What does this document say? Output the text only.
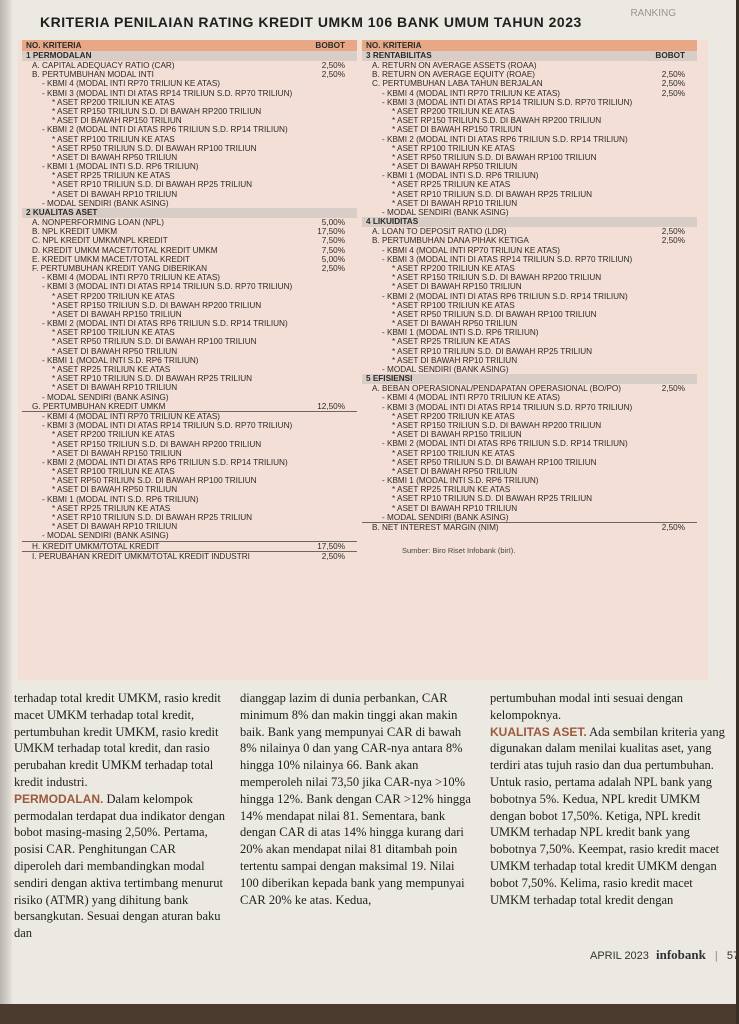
RANKING
KRITERIA PENILAIAN RATING KREDIT UMKM 106 BANK UMUM TAHUN 2023
NO. KRITERIA	BOBOT
1 PERMODALAN
A. CAPITAL ADEQUACY RATIO (CAR)	2,50%
B. PERTUMBUHAN MODAL INTI	2,50%
- KBMI 4 (MODAL INTI RP70 TRILIUN KE ATAS)
- KBMI 3 (MODAL INTI DI ATAS RP14 TRILIUN S.D. RP70 TRILIUN)
* ASET RP200 TRILIUN KE ATAS
* ASET RP150 TRILIUN S.D. DI BAWAH RP200 TRILIUN
* ASET DI BAWAH RP150 TRILIUN
- KBMI 2 (MODAL INTI DI ATAS RP6 TRILIUN S.D. RP14 TRILIUN)
* ASET RP100 TRILIUN KE ATAS
* ASET RP50 TRILIUN S.D. DI BAWAH RP100 TRILIUN
* ASET DI BAWAH RP50 TRILIUN
- KBMI 1 (MODAL INTI S.D. RP6 TRILIUN)
* ASET RP25 TRILIUN KE ATAS
* ASET RP10 TRILIUN S.D. DI BAWAH RP25 TRILIUN
* ASET DI BAWAH RP10 TRILIUN
- MODAL SENDIRI (BANK ASING)
2 KUALITAS ASET
A. NONPERFORMING LOAN (NPL)	5,00%
B. NPL KREDIT UMKM	17,50%
C. NPL KREDIT UMKM/NPL KREDIT	7,50%
D. KREDIT UMKM MACET/TOTAL KREDIT UMKM	7,50%
E. KREDIT UMKM MACET/TOTAL KREDIT	5,00%
F. PERTUMBUHAN KREDIT YANG DIBERIKAN	2,50%
- KBMI 4 (MODAL INTI RP70 TRILIUN KE ATAS)
- KBMI 3 (MODAL INTI DI ATAS RP14 TRILIUN S.D. RP70 TRILIUN)
* ASET RP200 TRILIUN KE ATAS
* ASET RP150 TRILIUN S.D. DI BAWAH RP200 TRILIUN
* ASET DI BAWAH RP150 TRILIUN
- KBMI 2 (MODAL INTI DI ATAS RP6 TRILIUN S.D. RP14 TRILIUN)
* ASET RP100 TRILIUN KE ATAS
* ASET RP50 TRILIUN S.D. DI BAWAH RP100 TRILIUN
* ASET DI BAWAH RP50 TRILIUN
- KBMI 1 (MODAL INTI S.D. RP6 TRILIUN)
* ASET RP25 TRILIUN KE ATAS
* ASET RP10 TRILIUN S.D. DI BAWAH RP25 TRILIUN
* ASET DI BAWAH RP10 TRILIUN
- MODAL SENDIRI (BANK ASING)
G. PERTUMBUHAN KREDIT UMKM	12,50%
- KBMI 4 (MODAL INTI RP70 TRILIUN KE ATAS)
- KBMI 3 (MODAL INTI DI ATAS RP14 TRILIUN S.D. RP70 TRILIUN)
* ASET RP200 TRILIUN KE ATAS
* ASET RP150 TRILIUN S.D. DI BAWAH RP200 TRILIUN
* ASET DI BAWAH RP150 TRILIUN
- KBMI 2 (MODAL INTI DI ATAS RP6 TRILIUN S.D. RP14 TRILIUN)
* ASET RP100 TRILIUN KE ATAS
* ASET RP50 TRILIUN S.D. DI BAWAH RP100 TRILIUN
* ASET DI BAWAH RP50 TRILIUN
- KBMI 1 (MODAL INTI S.D. RP6 TRILIUN)
* ASET RP25 TRILIUN KE ATAS
* ASET RP10 TRILIUN S.D. DI BAWAH RP25 TRILIUN
* ASET DI BAWAH RP10 TRILIUN
- MODAL SENDIRI (BANK ASING)
H. KREDIT UMKM/TOTAL KREDIT	17,50%
I. PERUBAHAN KREDIT UMKM/TOTAL KREDIT INDUSTRI	2,50%
NO. KRITERIA
3 RENTABILITAS	BOBOT
A. RETURN ON AVERAGE ASSETS (ROAA)
B. RETURN ON AVERAGE EQUITY (ROAE)	2,50%
C. PERTUMBUHAN LABA TAHUN BERJALAN	2,50%
- KBMI 4 (MODAL INTI RP70 TRILIUN KE ATAS)	2,50%
- KBMI 3 (MODAL INTI DI ATAS RP14 TRILIUN S.D. RP70 TRILIUN)
* ASET RP200 TRILIUN KE ATAS
* ASET RP150 TRILIUN S.D. DI BAWAH RP200 TRILIUN
* ASET DI BAWAH RP150 TRILIUN
- KBMI 2 (MODAL INTI DI ATAS RP6 TRILIUN S.D. RP14 TRILIUN)
* ASET RP100 TRILIUN KE ATAS
* ASET RP50 TRILIUN S.D. DI BAWAH RP100 TRILIUN
* ASET DI BAWAH RP50 TRILIUN
- KBMI 1 (MODAL INTI S.D. RP6 TRILIUN)
* ASET RP25 TRILIUN KE ATAS
* ASET RP10 TRILIUN S.D. DI BAWAH RP25 TRILIUN
* ASET DI BAWAH RP10 TRILIUN
- MODAL SENDIRI (BANK ASING)
4 LIKUIDITAS
A. LOAN TO DEPOSIT RATIO (LDR)	2,50%
B. PERTUMBUHAN DANA PIHAK KETIGA	2,50%
- KBMI 4 (MODAL INTI RP70 TRILIUN KE ATAS)
- KBMI 3 (MODAL INTI DI ATAS RP14 TRILIUN S.D. RP70 TRILIUN)
* ASET RP200 TRILIUN KE ATAS
* ASET RP150 TRILIUN S.D. DI BAWAH RP200 TRILIUN
* ASET DI BAWAH RP150 TRILIUN
- KBMI 2 (MODAL INTI DI ATAS RP6 TRILIUN S.D. RP14 TRILIUN)
* ASET RP100 TRILIUN KE ATAS
* ASET RP50 TRILIUN S.D. DI BAWAH RP100 TRILIUN
* ASET DI BAWAH RP50 TRILIUN
- KBMI 1 (MODAL INTI S.D. RP6 TRILIUN)
* ASET RP25 TRILIUN KE ATAS
* ASET RP10 TRILIUN S.D. DI BAWAH RP25 TRILIUN
* ASET DI BAWAH RP10 TRILIUN
- MODAL SENDIRI (BANK ASING)
5 EFISIENSI
A. BEBAN OPERASIONAL/PENDAPATAN OPERASIONAL (BO/PO)	2,50%
- KBMI 4 (MODAL INTI RP70 TRILIUN KE ATAS)
- KBMI 3 (MODAL INTI DI ATAS RP14 TRILIUN S.D. RP70 TRILIUN)
* ASET RP200 TRILIUN KE ATAS
* ASET RP150 TRILIUN S.D. DI BAWAH RP200 TRILIUN
* ASET DI BAWAH RP150 TRILIUN
- KBMI 2 (MODAL INTI DI ATAS RP6 TRILIUN S.D. RP14 TRILIUN)
* ASET RP100 TRILIUN KE ATAS
* ASET RP50 TRILIUN S.D. DI BAWAH RP100 TRILIUN
* ASET DI BAWAH RP50 TRILIUN
- KBMI 1 (MODAL INTI S.D. RP6 TRILIUN)
* ASET RP25 TRILIUN KE ATAS
* ASET RP10 TRILIUN S.D. DI BAWAH RP25 TRILIUN
* ASET DI BAWAH RP10 TRILIUN
- MODAL SENDIRI (BANK ASING)
B. NET INTEREST MARGIN (NIM)	2,50%
Sumber: Biro Riset Infobank (birI).

terhadap total kredit UMKM, rasio kredit macet UMKM terhadap total kredit, pertumbuhan kredit UMKM, rasio kredit UMKM terhadap total kredit, dan rasio perubahan kredit UMKM terhadap total kredit industri.

PERMODALAN. Dalam kelompok permodalan terdapat dua indikator dengan bobot masing-masing 2,50%. Pertama, posisi CAR. Penghitungan CAR diperoleh dari membandingkan modal sendiri dengan aktiva tertimbang menurut risiko (ATMR) yang dihitung bank bersangkutan. Sesuai dengan aturan baku dan

dianggap lazim di dunia perbankan, CAR minimum 8% dan makin tinggi akan makin baik. Bank yang mempunyai CAR di bawah 8% nilainya 0 dan yang CAR-nya antara 8% hingga 10% nilainya 66. Bank akan memperoleh nilai 73,50 jika CAR-nya >10% hingga 12%. Bank dengan CAR >12% hingga 14% mendapat nilai 81. Sementara, bank dengan CAR di atas 14% hingga kurang dari 20% akan mendapat nilai 81 ditambah poin tertentu sampai dengan maksimal 19. Nilai 100 diberikan kepada bank yang mempunyai CAR 20% ke atas. Kedua,

pertumbuhan modal inti sesuai dengan kelompoknya.

KUALITAS ASET. Ada sembilan kriteria yang digunakan dalam menilai kualitas aset, yang terdiri atas tujuh rasio dan dua pertumbuhan. Untuk rasio, pertama adalah NPL bank yang bobotnya 5%. Kedua, NPL kredit UMKM dengan bobot 17,50%. Ketiga, NPL kredit UMKM terhadap NPL kredit bank yang bobotnya 7,50%. Keempat, rasio kredit macet UMKM terhadap total kredit UMKM dengan bobot 7,50%. Kelima, rasio kredit macet UMKM terhadap total kredit dengan

APRIL 2023 infobank | 57
